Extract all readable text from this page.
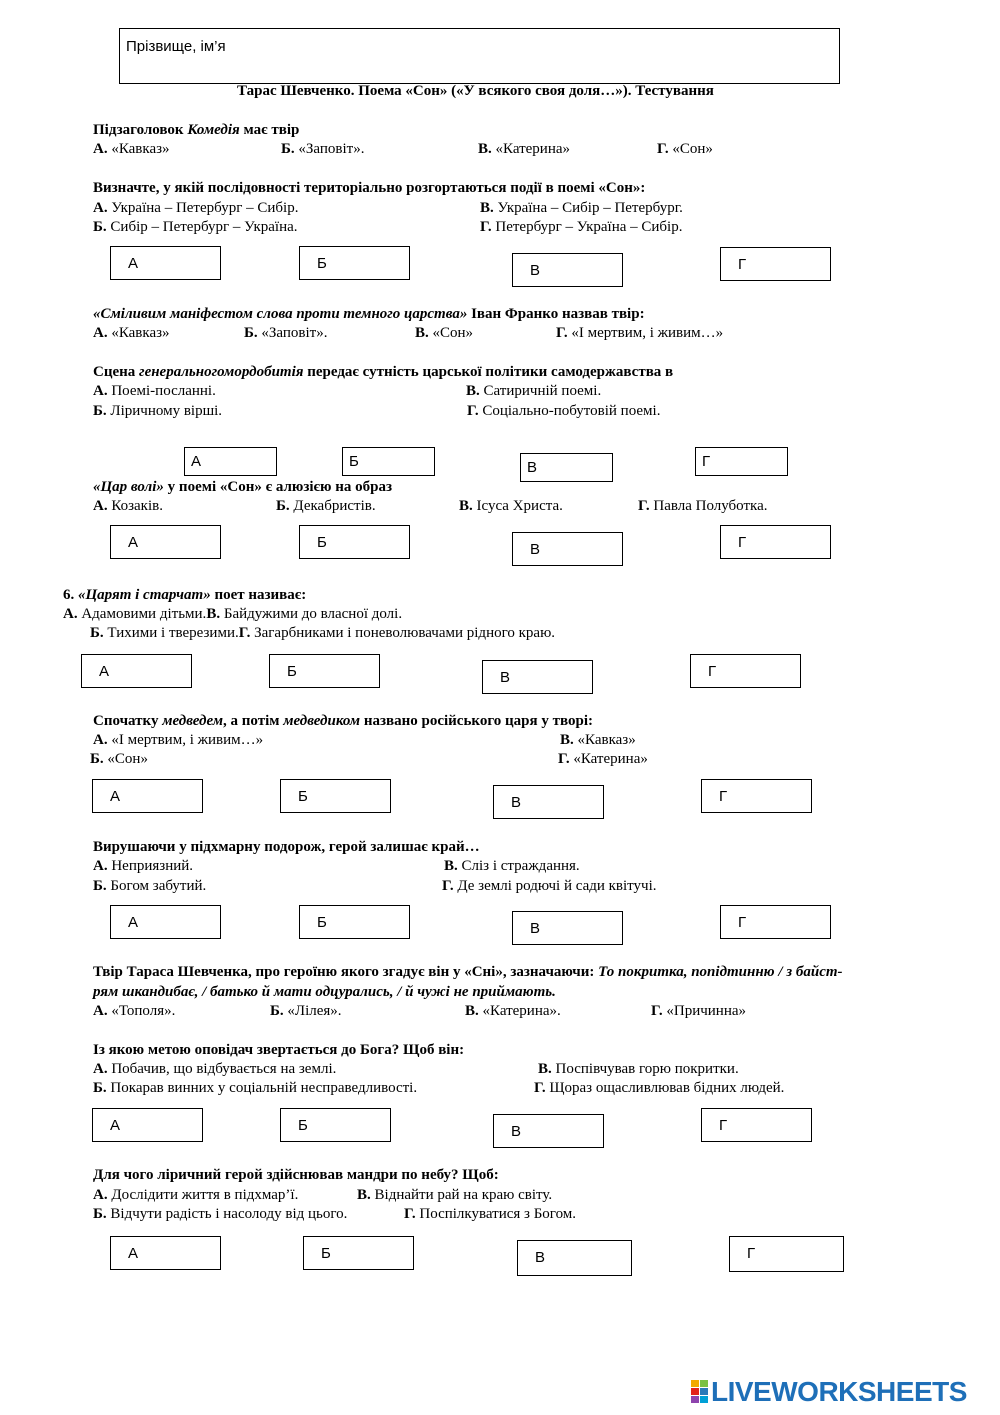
Прізвище, ім’я
Тарас Шевченко. Поема «Сон» («У всякого своя доля…»). Тестування
Підзаголовок Комедія має твір
А. «Кавказ»	Б. «Заповіт».	В. «Катерина»	Г. «Сон»
Визначте, у якій послідовності територіально розгортаються події в поемі «Сон»:
А. Україна – Петербург – Сибір.	В. Україна – Сибір – Петербург.
Б. Сибір – Петербург – Україна.	Г. Петербург – Україна – Сибір.
А	Б	В	Г
«Сміливим маніфестом слова проти темного царства» Іван Франко назвав твір:
А. «Кавказ»	Б. «Заповіт».	В. «Сон»	Г. «І мертвим, і живим…»
Сцена генеральногомордобитія передає сутність царської політики самодержавства в
А. Поемі-посланні.	В. Сатиричній поемі.
Б. Ліричному вірші.	Г. Соціально-побутовій поемі.
А	Б	В	Г
«Цар волі» у поемі «Сон» є алюзією на образ
А. Козаків.	Б. Декабристів.	В. Ісуса Христа.	Г. Павла Полуботка.
А	Б	В	Г
6. «Царят і старчат» поет називає:
А. Адамовими дітьми.В. Байдужими до власної долі.
Б. Тихими і тверезими.Г. Загарбниками і поневолювачами рідного краю.
А	Б	В	Г
Спочатку медведем, а потім медведиком названо російського царя у творі:
А. «І мертвим, і живим…»	В. «Кавказ»
Б. «Сон»	Г. «Катерина»
А	Б	В	Г
Вирушаючи у підхмарну подорож, герой залишає край…
А. Неприязний.	В. Сліз і страждання.
Б. Богом забутий.	Г. Де землі родючі й сади квітучі.
А	Б	В	Г
Твір Тараса Шевченка, про героїню якого згадує він у «Сні», зазначаючи: То покритка, попідтинню / з байст-
рям шкандибає, / батько й мати одцурались, / й чужі не приймають.
А. «Тополя».	Б. «Лілея».	В. «Катерина».	Г. «Причинна»
Із якою метою оповідач звертається до Бога? Щоб він:
А. Побачив, що відбувається на землі.	В. Поспівчував горю покритки.
Б. Покарав винних у соціальній несправедливості.	Г. Щораз ощасливлював бідних людей.
А	Б	В	Г
Для чого ліричний герой здійснював мандри по небу? Щоб:
А. Дослідити життя в підхмар’ї.	В. Віднайти рай на краю світу.
Б. Відчути радість і насолоду від цього.	Г. Поспілкуватися з Богом.
А	Б	В	Г
LIVEWORKSHEETS
